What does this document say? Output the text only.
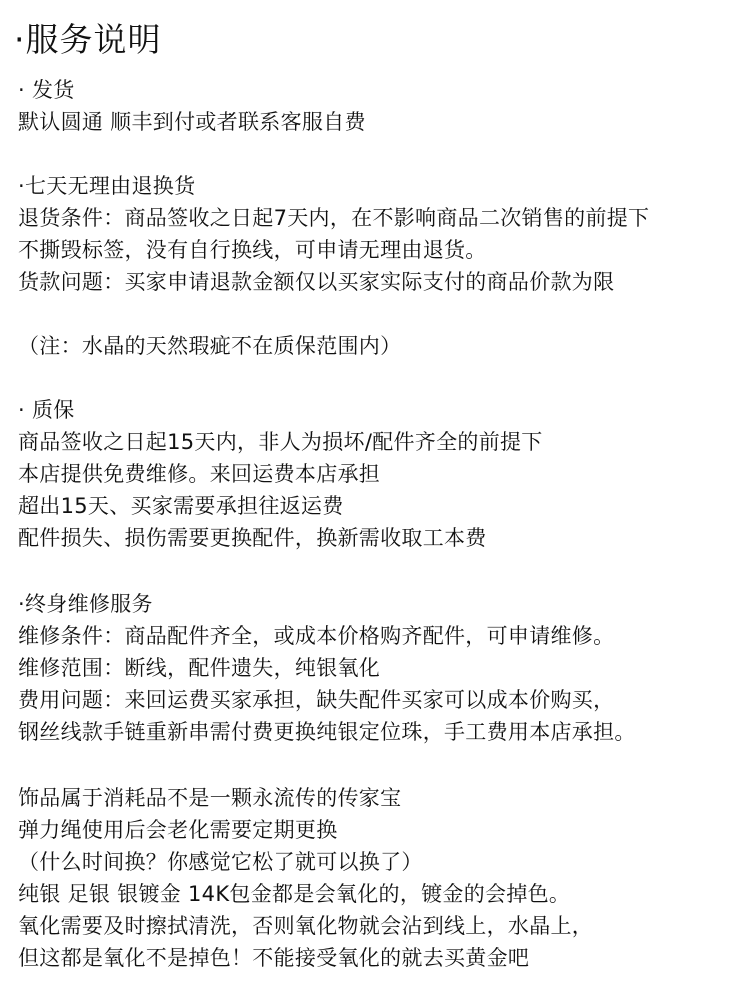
·服务说明
· 发货
默认圆通 顺丰到付或者联系客服自费
·七天无理由退换货
退货条件：商品签收之日起7天内，在不影响商品二次销售的前提下
不撕毁标签，没有自行换线，可申请无理由退货。
货款问题：买家申请退款金额仅以买家实际支付的商品价款为限
（注：水晶的天然瑕疵不在质保范围内）
· 质保
商品签收之日起15天内，非人为损坏/配件齐全的前提下
本店提供免费维修。来回运费本店承担
超出15天、买家需要承担往返运费
配件损失、损伤需要更换配件，换新需收取工本费
·终身维修服务
维修条件：商品配件齐全，或成本价格购齐配件，可申请维修。
维修范围：断线，配件遗失，纯银氧化
费用问题：来回运费买家承担，缺失配件买家可以成本价购买，
钢丝线款手链重新串需付费更换纯银定位珠，手工费用本店承担。
饰品属于消耗品不是一颗永流传的传家宝
弹力绳使用后会老化需要定期更换
（什么时间换？你感觉它松了就可以换了）
纯银 足银 银镀金 14K包金都是会氧化的，镀金的会掉色。
氧化需要及时擦拭清洗，否则氧化物就会沾到线上，水晶上，
但这都是氧化不是掉色！不能接受氧化的就去买黄金吧
